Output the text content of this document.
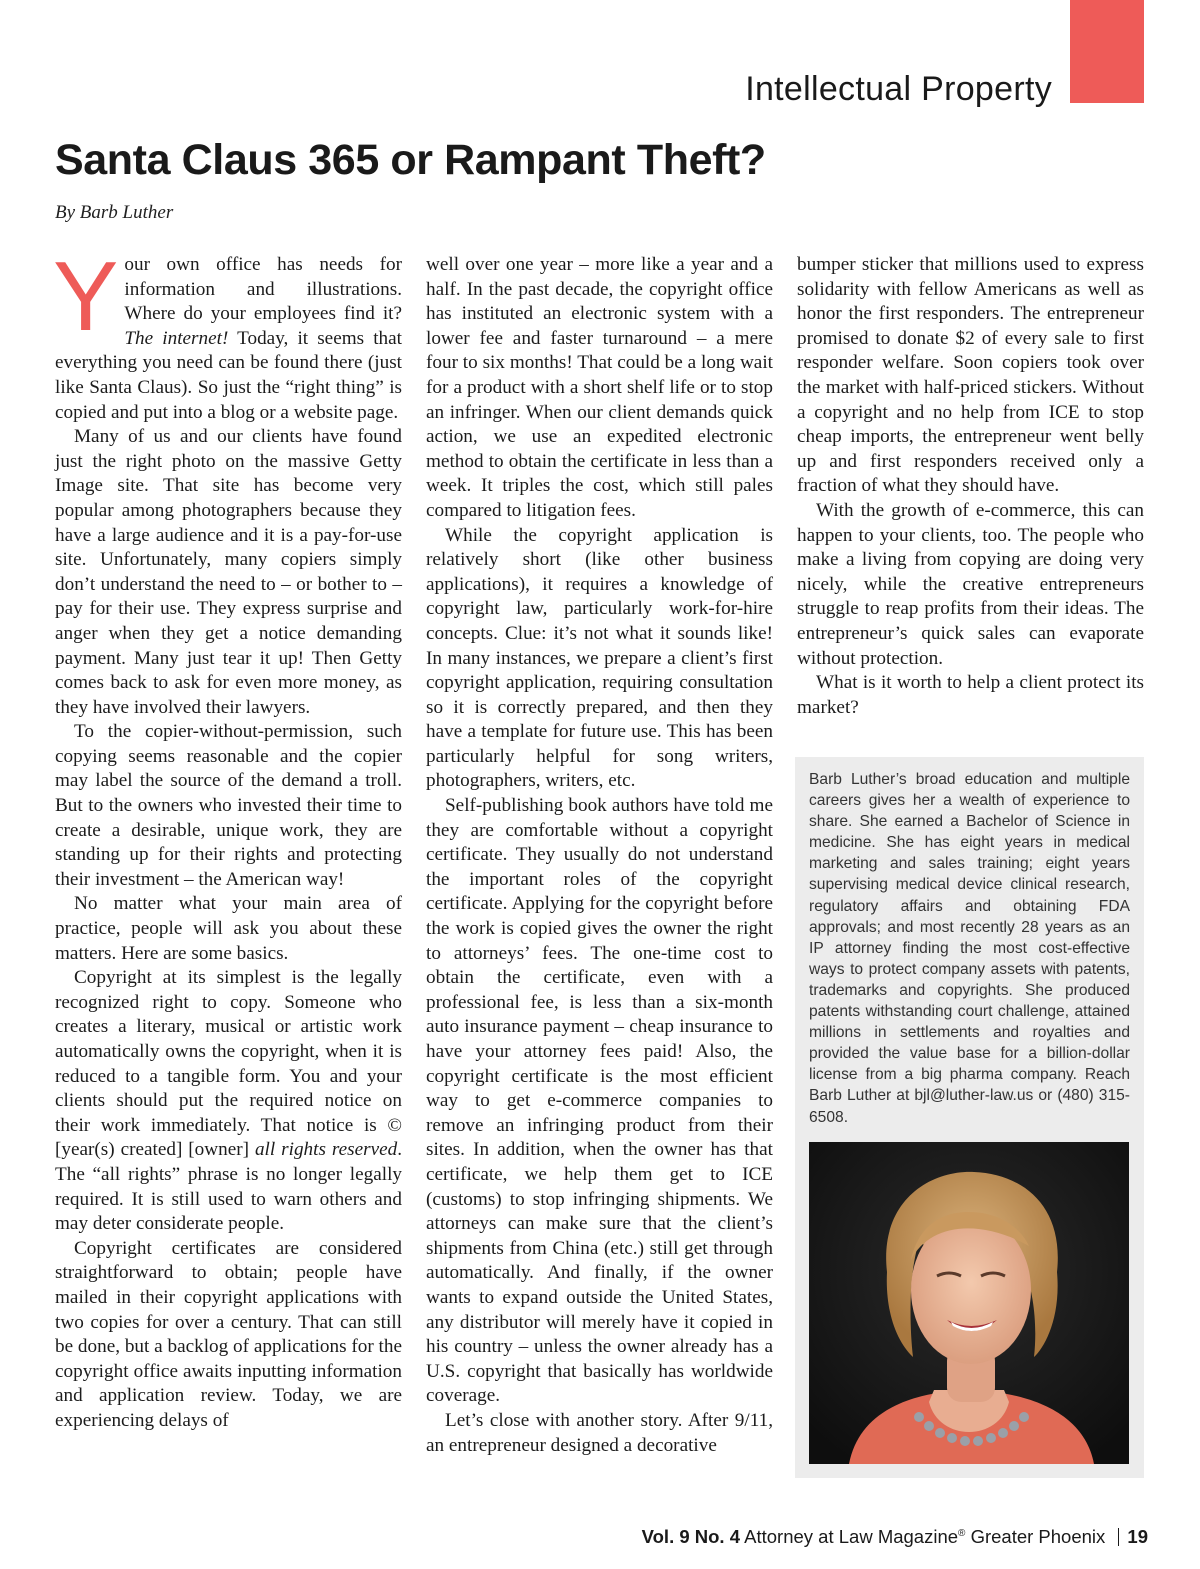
Intellectual Property
Santa Claus 365 or Rampant Theft?
By Barb Luther

Your own office has needs for information and illustrations. Where do your employees find it? The internet! Today, it seems that everything you need can be found there (just like Santa Claus). So just the “right thing” is copied and put into a blog or a website page.

Many of us and our clients have found just the right photo on the massive Getty Image site. That site has become very popular among photographers because they have a large audience and it is a pay-for-use site. Unfortunately, many copiers simply don’t understand the need to – or bother to – pay for their use. They express surprise and anger when they get a notice demanding payment. Many just tear it up! Then Getty comes back to ask for even more money, as they have involved their lawyers.

To the copier-without-permission, such copying seems reasonable and the copier may label the source of the demand a troll. But to the owners who invested their time to create a desirable, unique work, they are standing up for their rights and protecting their investment – the American way!

No matter what your main area of practice, people will ask you about these matters. Here are some basics.

Copyright at its simplest is the legally recognized right to copy. Someone who creates a literary, musical or artistic work automatically owns the copyright, when it is reduced to a tangible form. You and your clients should put the required notice on their work immediately. That notice is © [year(s) created] [owner] all rights reserved. The “all rights” phrase is no longer legally required. It is still used to warn others and may deter considerate people.

Copyright certificates are considered straightforward to obtain; people have mailed in their copyright applications with two copies for over a century. That can still be done, but a backlog of applications for the copyright office awaits inputting information and application review. Today, we are experiencing delays of

well over one year – more like a year and a half. In the past decade, the copyright office has instituted an electronic system with a lower fee and faster turnaround – a mere four to six months! That could be a long wait for a product with a short shelf life or to stop an infringer. When our client demands quick action, we use an expedited electronic method to obtain the certificate in less than a week. It triples the cost, which still pales compared to litigation fees.

While the copyright application is relatively short (like other business applications), it requires a knowledge of copyright law, particularly work-for-hire concepts. Clue: it’s not what it sounds like! In many instances, we prepare a client’s first copyright application, requiring consultation so it is correctly prepared, and then they have a template for future use. This has been particularly helpful for song writers, photographers, writers, etc.

Self-publishing book authors have told me they are comfortable without a copyright certificate. They usually do not understand the important roles of the copyright certificate. Applying for the copyright before the work is copied gives the owner the right to attorneys’ fees. The one-time cost to obtain the certificate, even with a professional fee, is less than a six-month auto insurance payment – cheap insurance to have your attorney fees paid! Also, the copyright certificate is the most efficient way to get e-commerce companies to remove an infringing product from their sites. In addition, when the owner has that certificate, we help them get to ICE (customs) to stop infringing shipments. We attorneys can make sure that the client’s shipments from China (etc.) still get through automatically. And finally, if the owner wants to expand outside the United States, any distributor will merely have it copied in his country – unless the owner already has a U.S. copyright that basically has worldwide coverage.

Let’s close with another story. After 9/11, an entrepreneur designed a decorative

bumper sticker that millions used to express solidarity with fellow Americans as well as honor the first responders. The entrepreneur promised to donate $2 of every sale to first responder welfare. Soon copiers took over the market with half-priced stickers. Without a copyright and no help from ICE to stop cheap imports, the entrepreneur went belly up and first responders received only a fraction of what they should have.

With the growth of e-commerce, this can happen to your clients, too. The people who make a living from copying are doing very nicely, while the creative entrepreneurs struggle to reap profits from their ideas. The entrepreneur’s quick sales can evaporate without protection.

What is it worth to help a client protect its market?

Barb Luther’s broad education and multiple careers gives her a wealth of experience to share. She earned a Bachelor of Science in medicine. She has eight years in medical marketing and sales training; eight years supervising medical device clinical research, regulatory affairs and obtaining FDA approvals; and most recently 28 years as an IP attorney finding the most cost-effective ways to protect company assets with patents, trademarks and copyrights. She produced patents withstanding court challenge, attained millions in settlements and royalties and provided the value base for a billion-dollar license from a big pharma company. Reach Barb Luther at bjl@luther-law.us or (480) 315-6508.

Vol. 9 No. 4 Attorney at Law Magazine® Greater Phoenix 19
